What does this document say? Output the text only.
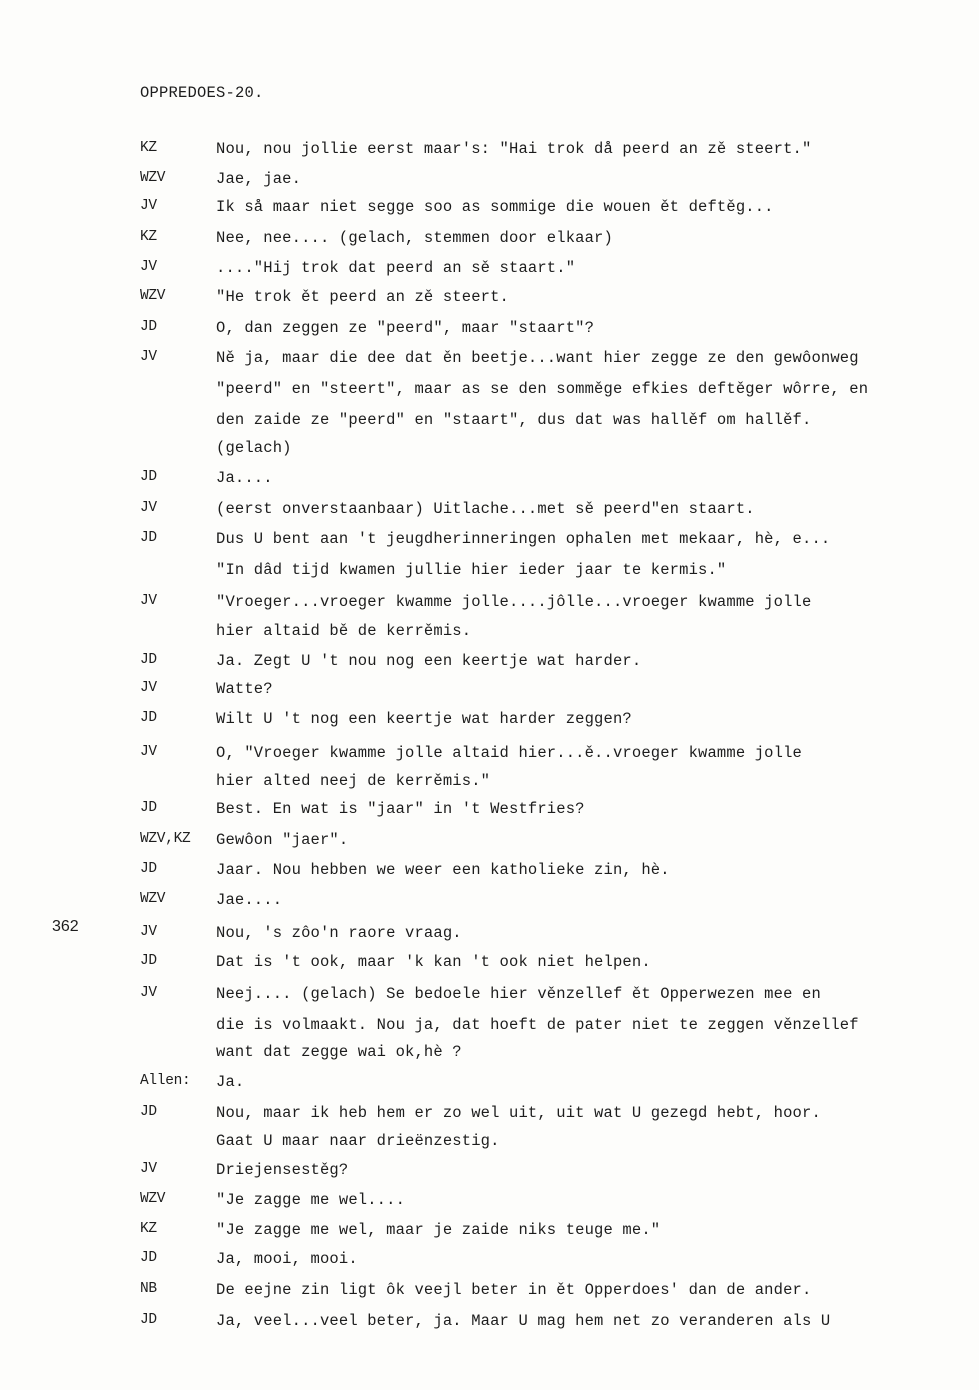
OPPREDOES-20.
362
KZ	Nou, nou jollie eerst maar's: "Hai trok då peerd an zě steert."
WZV	Jae, jae.
JV	Ik så maar niet segge soo as sommige die wouen ět deftěg...
KZ	Nee, nee.... (gelach, stemmen door elkaar)
JV	...."Hij trok dat peerd an sě staart."
WZV	"He trok ět peerd an zě steert.
JD	O, dan zeggen ze "peerd", maar "staart"?
JV	Ně ja, maar die dee dat ěn beetje...want hier zegge ze den gewôonweg
"peerd" en "steert", maar as se den somměge efkies deftěger wôrre, en
den zaide ze "peerd" en "staart", dus dat was hallěf om hallěf.
(gelach)
JD	Ja....
JV	(eerst onverstaanbaar) Uitlache...met sě peerd"en staart.
JD	Dus U bent aan 't jeugdherinneringen ophalen met mekaar, hè, e...
"In dâd tijd kwamen jullie hier ieder jaar te kermis."
JV	"Vroeger...vroeger kwamme jolle....jôlle...vroeger kwamme jolle
hier altaid bě de kerrěmis.
JD	Ja. Zegt U 't nou nog een keertje wat harder.
JV	Watte?
JD	Wilt U 't nog een keertje wat harder zeggen?
JV	O, "Vroeger kwamme jolle altaid hier...ě..vroeger kwamme jolle
hier alted neej de kerrěmis."
JD	Best. En wat is "jaar" in 't Westfries?
WZV,KZ Gewôon "jaer".
JD	Jaar. Nou hebben we weer een katholieke zin, hè.
WZV	Jae....
JV	Nou, 's zôo'n raore vraag.
JD	Dat is 't ook, maar 'k kan 't ook niet helpen.
JV	Neej.... (gelach) Se bedoele hier věnzellef ět Opperwezen mee en
die is volmaakt. Nou ja, dat hoeft de pater niet te zeggen věnzellef
want dat zegge wai ok,hè ?
Allen: Ja.
JD	Nou, maar ik heb hem er zo wel uit, uit wat U gezegd hebt, hoor.
Gaat U maar naar drieënzestig.
JV	Driejensestěg?
WZV	"Je zagge me wel....
KZ	"Je zagge me wel, maar je zaide niks teuge me."
JD	Ja, mooi, mooi.
NB	De eejne zin ligt ôk veejl beter in ět Opperdoes' dan de ander.
JD	Ja, veel...veel beter, ja. Maar U mag hem net zo veranderen als U
